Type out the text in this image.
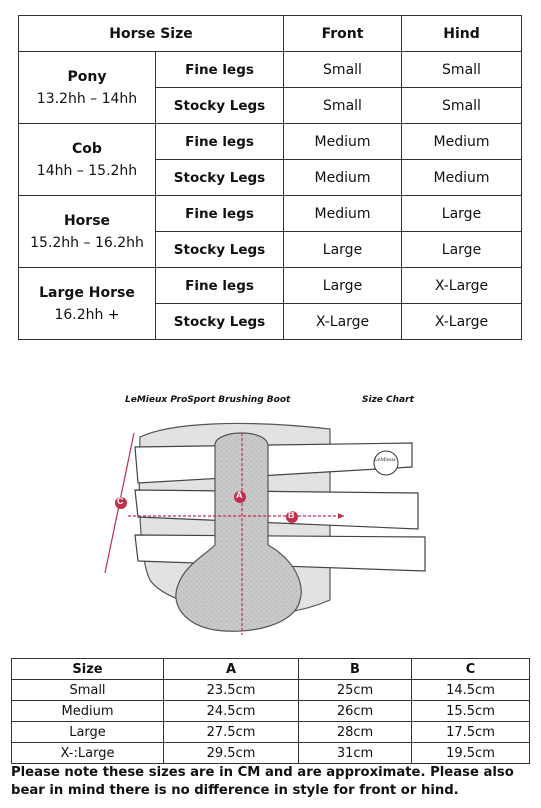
Horse Size		Front	Hind

Pony
13.2hh – 14hh	Fine legs	Small	Small
	Stocky Legs	Small	Small

Cob
14hh – 15.2hh	Fine legs	Medium	Medium
	Stocky Legs	Medium	Medium

Horse
15.2hh – 16.2hh	Fine legs	Medium	Large
	Stocky Legs	Large	Large

Large Horse
16.2hh +	Fine legs	Large	X-Large
	Stocky Legs	X-Large	X-Large
LeMieux ProSport Brushing Boot	Size Chart
LeMieux
A
B
C
Size	A	B	C
Small	23.5cm	25cm	14.5cm
Medium	24.5cm	26cm	15.5cm
Large	27.5cm	28cm	17.5cm
X-:Large	29.5cm	31cm	19.5cm
Please note these sizes are in CM and are approximate. Please also bear in mind there is no difference in style for front or hind.
